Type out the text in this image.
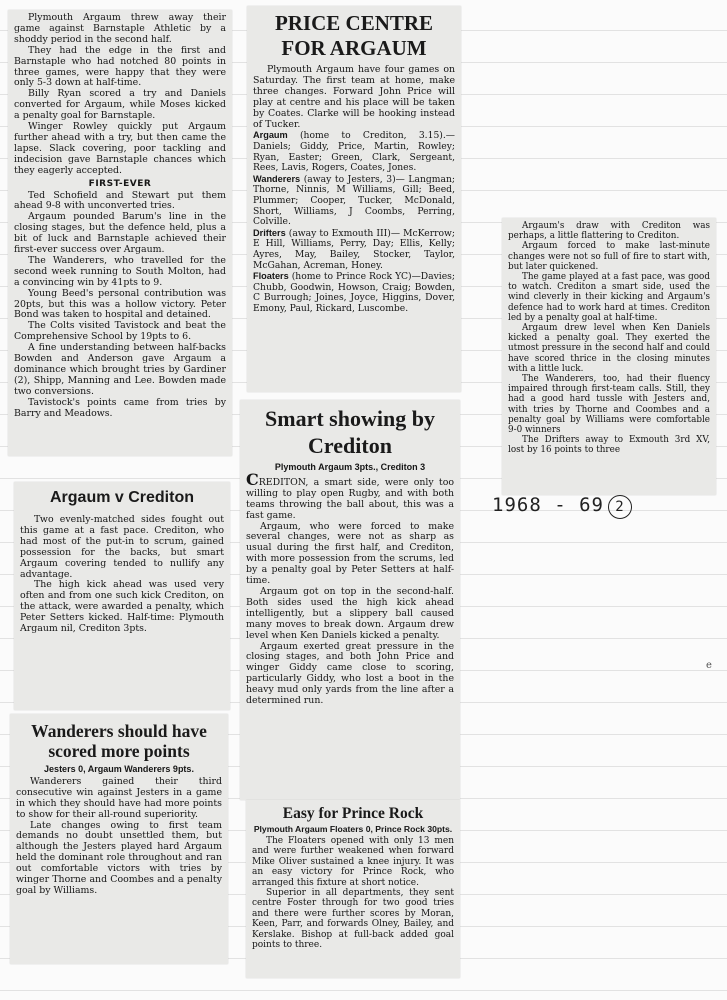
Plymouth Argaum threw away their game against Barnstaple Athletic by a shoddy period in the second half.

They had the edge in the first and Barnstaple who had notched 80 points in three games, were happy that they were only 5-3 down at half-time.

Billy Ryan scored a try and Daniels converted for Argaum, while Moses kicked a penalty goal for Barnstaple.

Winger Rowley quickly put Argaum further ahead with a try, but then came the lapse. Slack covering, poor tackling and indecision gave Barnstaple chances which they eagerly accepted.

FIRST-EVER

Ted Schofield and Stewart put them ahead 9-8 with unconverted tries.

Argaum pounded Barum's line in the closing stages, but the defence held, plus a bit of luck and Barnstaple achieved their first-ever success over Argaum.

The Wanderers, who travelled for the second week running to South Molton, had a convincing win by 41pts to 9.

Young Beed's personal contribution was 20pts, but this was a hollow victory. Peter Bond was taken to hospital and detained.

The Colts visited Tavistock and beat the Comprehensive School by 19pts to 6.

A fine understanding between half-backs Bowden and Anderson gave Argaum a dominance which brought tries by Gardiner (2), Shipp, Manning and Lee. Bowden made two conversions.

Tavistock's points came from tries by Barry and Meadows.

PRICE CENTRE FOR ARGAUM

Plymouth Argaum have four games on Saturday. The first team at home, make three changes. Forward John Price will play at centre and his place will be taken by Coates. Clarke will be hooking instead of Tucker.

Argaum (home to Crediton, 3.15).— Daniels; Giddy, Price, Martin, Rowley; Ryan, Easter; Green, Clark, Sergeant, Rees, Lavis, Rogers, Coates, Jones.

Wanderers (away to Jesters, 3)— Langman; Thorne, Ninnis, M Williams, Gill; Beed, Plummer; Cooper, Tucker, McDonald, Short, Williams, J Coombs, Perring, Colville.

Drifters (away to Exmouth III)— McKerrow; E Hill, Williams, Perry, Day; Ellis, Kelly; Ayres, May, Bailey, Stocker, Taylor, McGahan, Acreman, Honey.

Floaters (home to Prince Rock YC)—Davies; Chubb, Goodwin, Howson, Craig; Bowden, C Burrough; Joines, Joyce, Higgins, Dover, Emony, Paul, Rickard, Luscombe.

Argaum's draw with Crediton was perhaps, a little flattering to Crediton.

Argaum forced to make last-minute changes were not so full of fire to start with, but later quickened.

The game played at a fast pace, was good to watch. Crediton a smart side, used the wind cleverly in their kicking and Argaum's defence had to work hard at times. Crediton led by a penalty goal at half-time.

Argaum drew level when Ken Daniels kicked a penalty goal. They exerted the utmost pressure in the second half and could have scored thrice in the closing minutes with a little luck.

The Wanderers, too, had their fluency impaired through first-team calls. Still, they had a good hard tussle with Jesters and, with tries by Thorne and Coombes and a penalty goal by Williams were comfortable 9-0 winners

The Drifters away to Exmouth 3rd XV, lost by 16 points to three

Argaum v Crediton

Two evenly-matched sides fought out this game at a fast pace. Crediton, who had most of the put-in to scrum, gained possession for the backs, but smart Argaum covering tended to nullify any advantage.

The high kick ahead was used very often and from one such kick Crediton, on the attack, were awarded a penalty, which Peter Setters kicked. Half-time: Plymouth Argaum nil, Crediton 3pts.

Smart showing by Crediton
Plymouth Argaum 3pts., Crediton 3

CREDITON, a smart side, were only too willing to play open Rugby, and with both teams throwing the ball about, this was a fast game.

Argaum, who were forced to make several changes, were not as sharp as usual during the first half, and Crediton, with more possession from the scrums, led by a penalty goal by Peter Setters at half-time.

Argaum got on top in the second-half. Both sides used the high kick ahead intelligently, but a slippery ball caused many moves to break down. Argaum drew level when Ken Daniels kicked a penalty.

Argaum exerted great pressure in the closing stages, and both John Price and winger Giddy came close to scoring, particularly Giddy, who lost a boot in the heavy mud only yards from the line after a determined run.

Easy for Prince Rock
Plymouth Argaum Floaters 0, Prince Rock 30pts.

The Floaters opened with only 13 men and were further weakened when forward Mike Oliver sustained a knee injury. It was an easy victory for Prince Rock, who arranged this fixture at short notice.

Superior in all departments, they sent centre Foster through for two good tries and there were further scores by Moran, Keen, Parr, and forwards Olney, Bailey, and Kerslake. Bishop at full-back added goal points to three.

Wanderers should have scored more points
Jesters 0, Argaum Wanderers 9pts.

Wanderers gained their third consecutive win against Jesters in a game in which they should have had more points to show for their all-round superiority.

Late changes owing to first team demands no doubt unsettled them, but although the Jesters played hard Argaum held the dominant role throughout and ran out comfortable victors with tries by winger Thorne and Coombes and a penalty goal by Williams.

1968 - 69 2
e
